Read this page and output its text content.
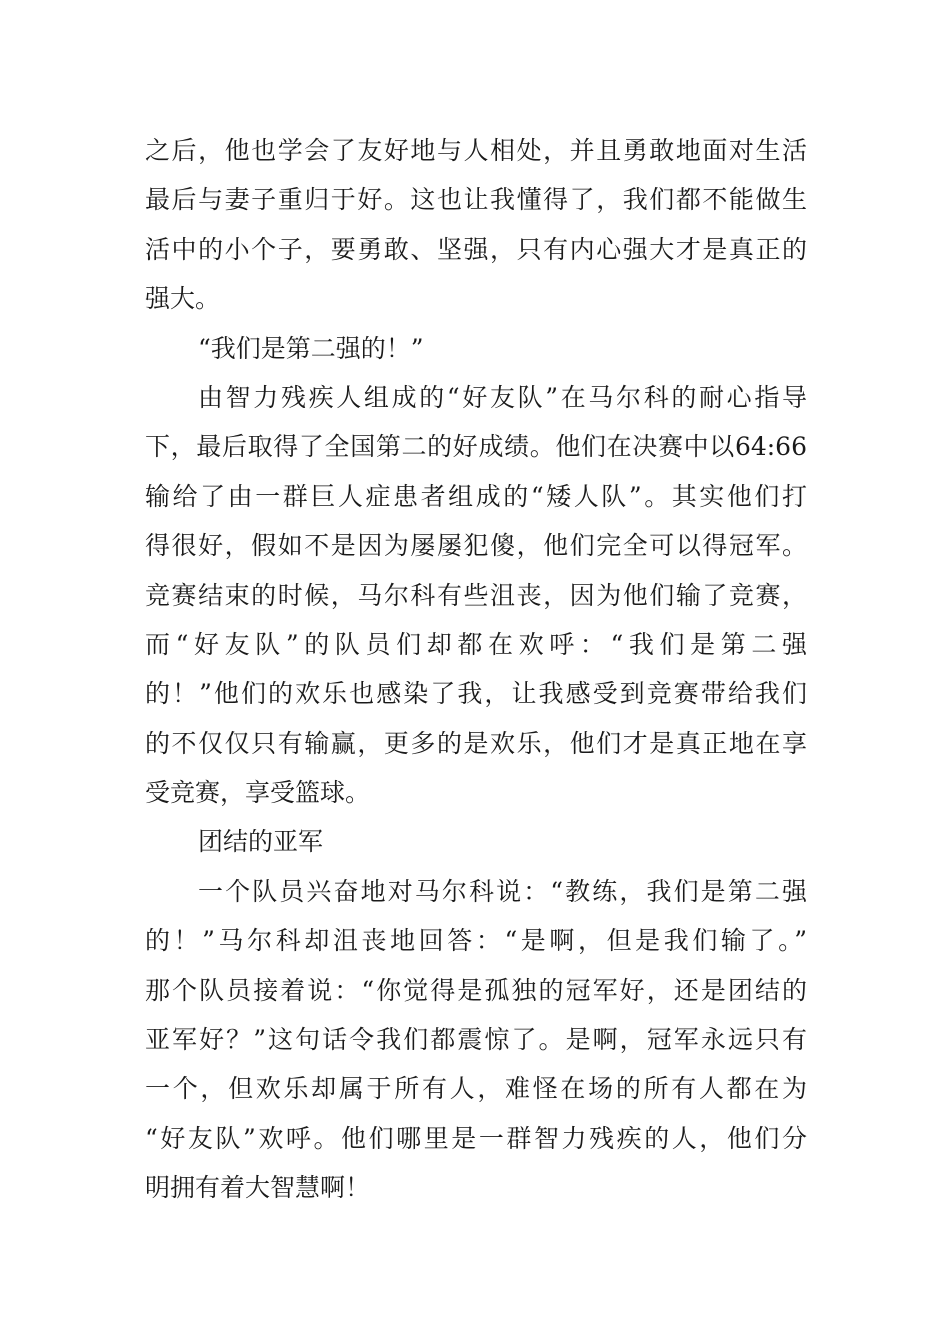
之后，他也学会了友好地与人相处，并且勇敢地面对生活
最后与妻子重归于好。这也让我懂得了，我们都不能做生
活中的小个子，要勇敢、坚强，只有内心强大才是真正的
强大。
“我们是第二强的！”
由智力残疾人组成的“好友队”在马尔科的耐心指导
下，最后取得了全国第二的好成绩。他们在决赛中以64:66
输给了由一群巨人症患者组成的“矮人队”。其实他们打
得很好，假如不是因为屡屡犯傻，他们完全可以得冠军。
竞赛结束的时候，马尔科有些沮丧，因为他们输了竞赛，
而“好友队”的队员们却都在欢呼：“我们是第二强
的！”他们的欢乐也感染了我，让我感受到竞赛带给我们
的不仅仅只有输赢，更多的是欢乐，他们才是真正地在享
受竞赛，享受篮球。
团结的亚军
一个队员兴奋地对马尔科说：“教练，我们是第二强
的！”马尔科却沮丧地回答：“是啊，但是我们输了。”
那个队员接着说：“你觉得是孤独的冠军好，还是团结的
亚军好？”这句话令我们都震惊了。是啊，冠军永远只有
一个，但欢乐却属于所有人，难怪在场的所有人都在为
“好友队”欢呼。他们哪里是一群智力残疾的人，他们分
明拥有着大智慧啊！
